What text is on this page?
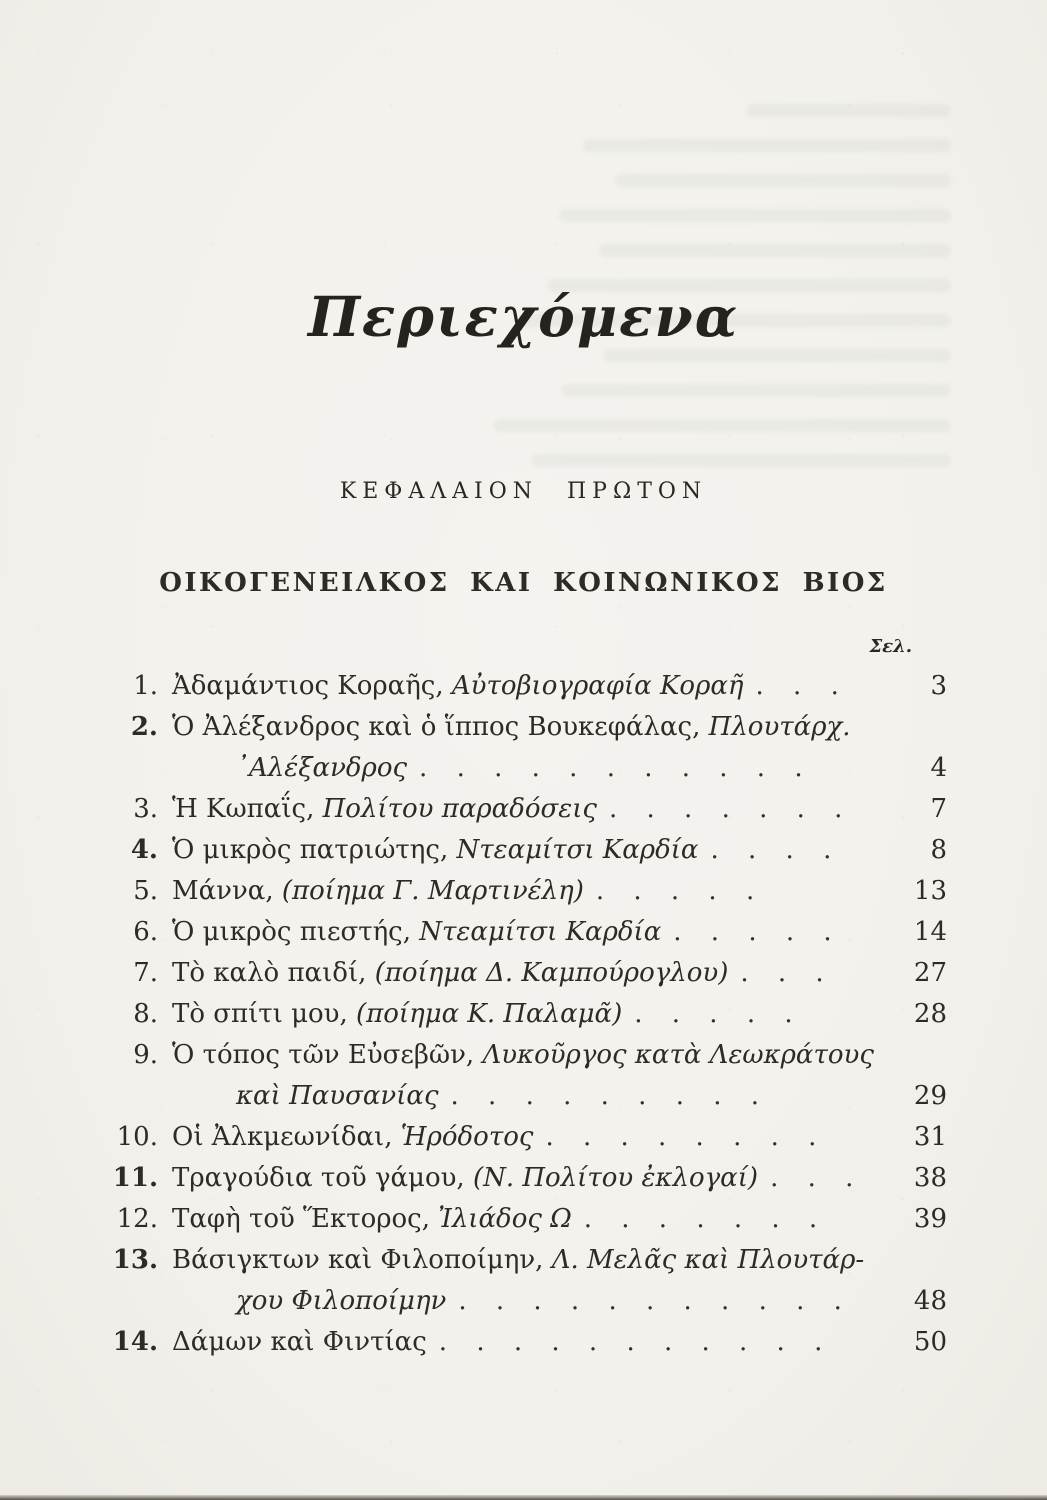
Περιεχόμενα
ΚΕΦΑΛΑΙΟΝ ΠΡΩΤΟΝ
ΟΙΚΟΓΕΝΕΙΛΚΟΣ ΚΑΙ ΚΟΙΝΩΝΙΚΟΣ ΒΙΟΣ
Σελ.
1. Ἀδαμάντιος Κοραῆς, Αὐτοβιογραφία Κοραῆ . . .	3
2. Ὁ Ἀλέξανδρος καὶ ὁ ἵππος Βουκεφάλας, Πλουτάρχ.
᾽Αλέξανδρος . . . . . . . . . . .	4
3. Ἡ Κωπαΐς, Πολίτου παραδόσεις . . . . . . .	7
4. Ὁ μικρὸς πατριώτης, Ντεαμίτσι Καρδία . . . .	8
5. Μάννα, (ποίημα Γ. Μαρτινέλη) . . . . .	13
6. Ὁ μικρὸς πιεστής, Ντεαμίτσι Καρδία . . . . .	14
7. Τὸ καλὸ παιδί, (ποίημα Δ. Καμπούρογλου) . . .	27
8. Τὸ σπίτι μου, (ποίημα Κ. Παλαμᾶ) . . . . .	28
9. Ὁ τόπος τῶν Εὐσεβῶν, Λυκοῦργος κατὰ Λεωκράτους
καὶ Παυσανίας . . . . . . . . .	29
10. Οἱ Ἀλκμεωνίδαι, Ἡρόδοτος . . . . . . . .	31
11. Τραγούδια τοῦ γάμου, (Ν. Πολίτου ἐκλογαί) . . .	38
12. Ταφὴ τοῦ Ἕκτορος, Ἰλιάδος Ω . . . . . . .	39
13. Βάσιγκτων καὶ Φιλοποίμην, Λ. Μελᾶς καὶ Πλουτάρ-
χου Φιλοποίμην . . . . . . . . . . .	48
14. Δάμων καὶ Φιντίας . . . . . . . . . . .	50
